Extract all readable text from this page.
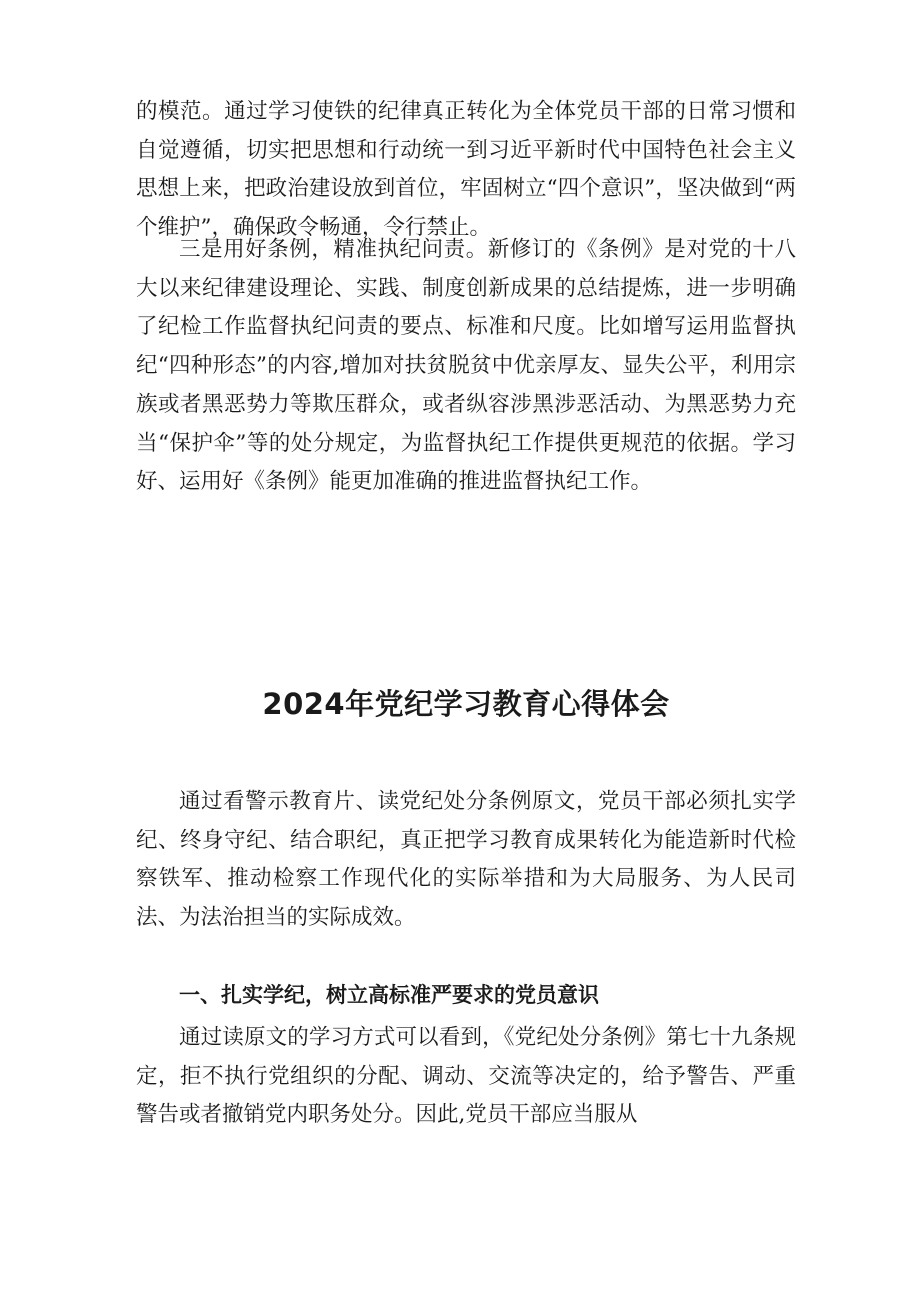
的模范。通过学习使铁的纪律真正转化为全体党员干部的日常习惯和自觉遵循，切实把思想和行动统一到习近平新时代中国特色社会主义思想上来，把政治建设放到首位，牢固树立“四个意识”，坚决做到“两个维护”，确保政令畅通，令行禁止。

三是用好条例，精准执纪问责。新修订的《条例》是对党的十八大以来纪律建设理论、实践、制度创新成果的总结提炼，进一步明确了纪检工作监督执纪问责的要点、标准和尺度。比如增写运用监督执纪“四种形态”的内容,增加对扶贫脱贫中优亲厚友、显失公平，利用宗族或者黑恶势力等欺压群众，或者纵容涉黑涉恶活动、为黑恶势力充当“保护伞”等的处分规定，为监督执纪工作提供更规范的依据。学习好、运用好《条例》能更加准确的推进监督执纪工作。

2024年党纪学习教育心得体会

通过看警示教育片、读党纪处分条例原文，党员干部必须扎实学纪、终身守纪、结合职纪，真正把学习教育成果转化为能造新时代检察铁军、推动检察工作现代化的实际举措和为大局服务、为人民司法、为法治担当的实际成效。

一、扎实学纪，树立高标准严要求的党员意识

通过读原文的学习方式可以看到，《党纪处分条例》第七十九条规定，拒不执行党组织的分配、调动、交流等决定的，给予警告、严重警告或者撤销党内职务处分。因此,党员干部应当服从
